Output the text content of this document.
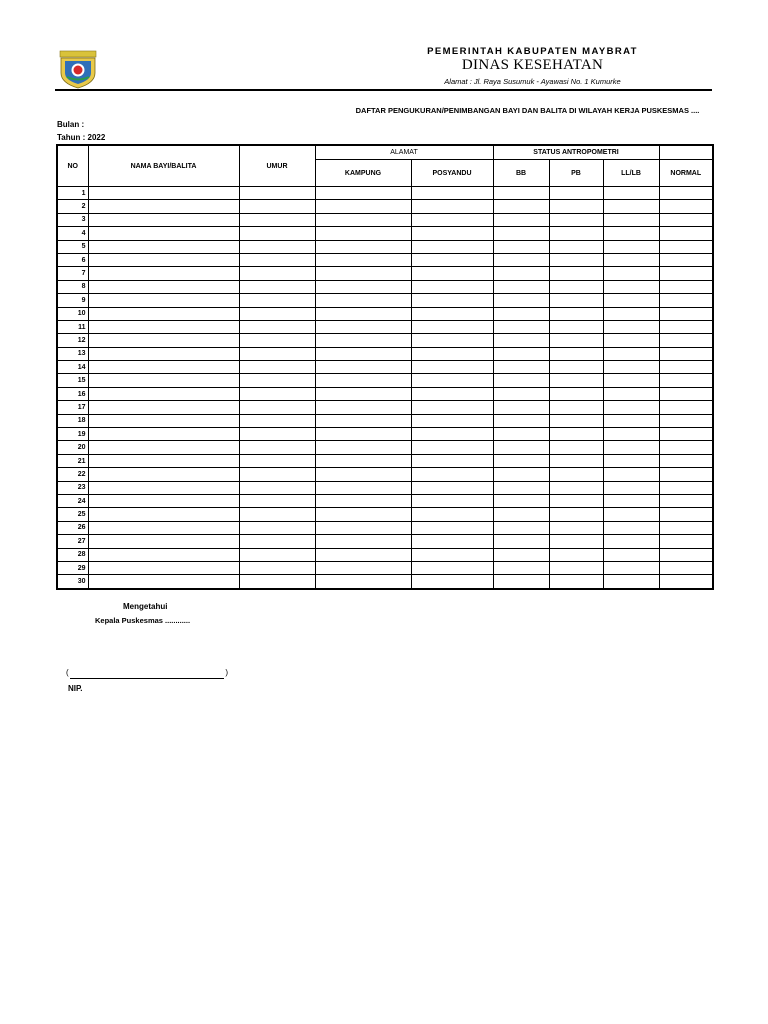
PEMERINTAH KABUPATEN MAYBRAT
DINAS KESEHATAN
Alamat : Jl. Raya Susumuk - Ayawasi No. 1 Kumurke
DAFTAR PENGUKURAN/PENIMBANGAN BAYI DAN BALITA DI WILAYAH KERJA PUSKESMAS ....
Bulan :
Tahun : 2022
NO	NAMA BAYI/BALITA	UMUR	ALAMAT		STATUS ANTROPOMETRI			
			KAMPUNG	POSYANDU	BB	PB	LL/LB	NORMAL
1								
2								
3								
4								
5								
6								
7								
8								
9								
10								
11								
12								
13								
14								
15								
16								
17								
18								
19								
20								
21								
22								
23								
24								
25								
26								
27								
28								
29								
30								
Mengetahui
Kepala Puskesmas ............
(	)
NIP.
